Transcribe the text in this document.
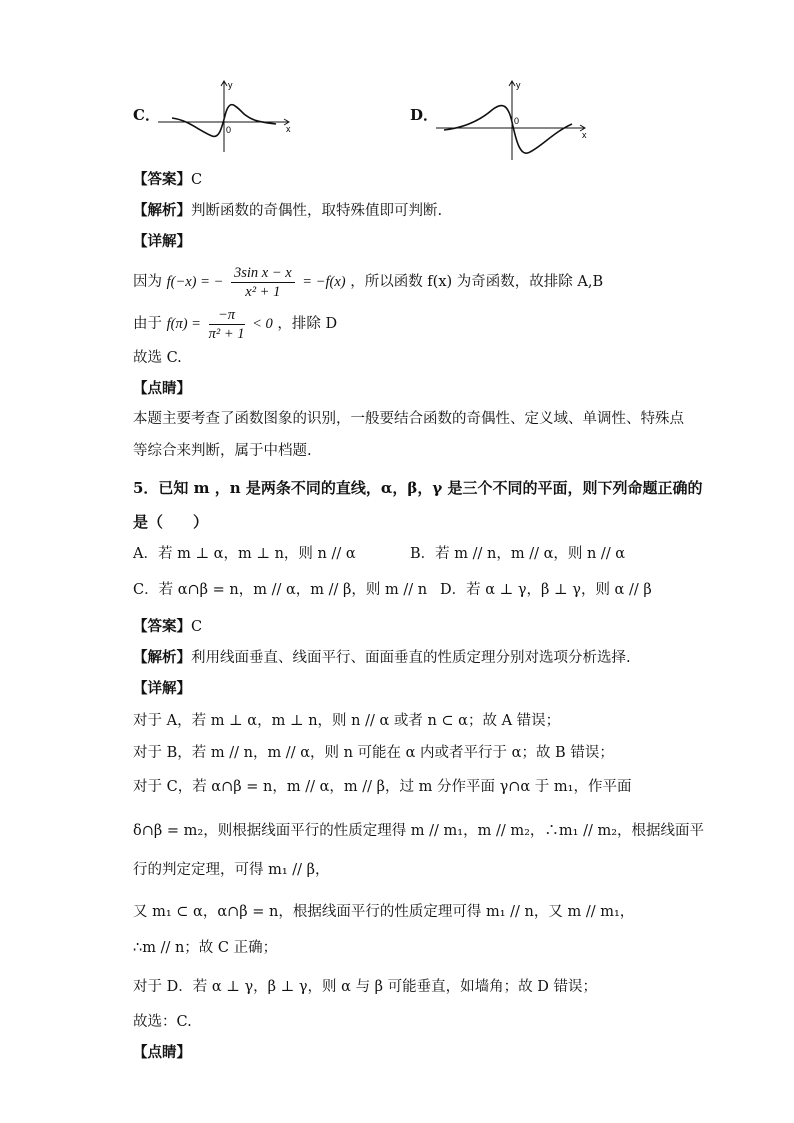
C．
y
x
0
D．
y
x
0
【答案】C
【解析】判断函数的奇偶性，取特殊值即可判断.
【详解】
因为 f(−x) = − $\frac{\text{3sin x − x}}{\text{x² + 1}} = -f(x)$ ，所以函数 f(x) 为奇函数，故排除 A,B
由于 $f(\pi) = \frac{-\pi}{\text{π² + 1}} < 0$ ，排除 D
故选 C.
【点睛】
本题主要考查了函数图象的识别，一般要结合函数的奇偶性、定义域、单调性、特殊点
等综合来判断，属于中档题.
5．已知 m ，n 是两条不同的直线，α，β，γ 是三个不同的平面，则下列命题正确的
是（　　）
A．若 m ⊥ α，m ⊥ n，则 n // α	B．若 m // n，m // α，则 n // α
C．若 α∩β = n，m // α，m // β，则 m // n D．若 α ⊥ γ，β ⊥ γ，则 α // β
【答案】C
【解析】利用线面垂直、线面平行、面面垂直的性质定理分别对选项分析选择.
【详解】
对于 A，若 m ⊥ α，m ⊥ n，则 n // α 或者 n ⊂ α；故 A 错误；
对于 B，若 m // n，m // α，则 n 可能在 α 内或者平行于 α；故 B 错误；
对于 C，若 α∩β = n，m // α，m // β，过 m 分作平面 γ∩α 于 m₁，作平面
δ∩β = m₂，则根据线面平行的性质定理得 m // m₁，m // m₂，∴m₁ // m₂，根据线面平
行的判定定理，可得 m₁ // β，
又 m₁ ⊂ α，α∩β = n，根据线面平行的性质定理可得 m₁ // n，又 m // m₁，
∴m // n；故 C 正确；
对于 D．若 α ⊥ γ，β ⊥ γ，则 α 与 β 可能垂直，如墙角；故 D 错误；
故选：C.
【点睛】
